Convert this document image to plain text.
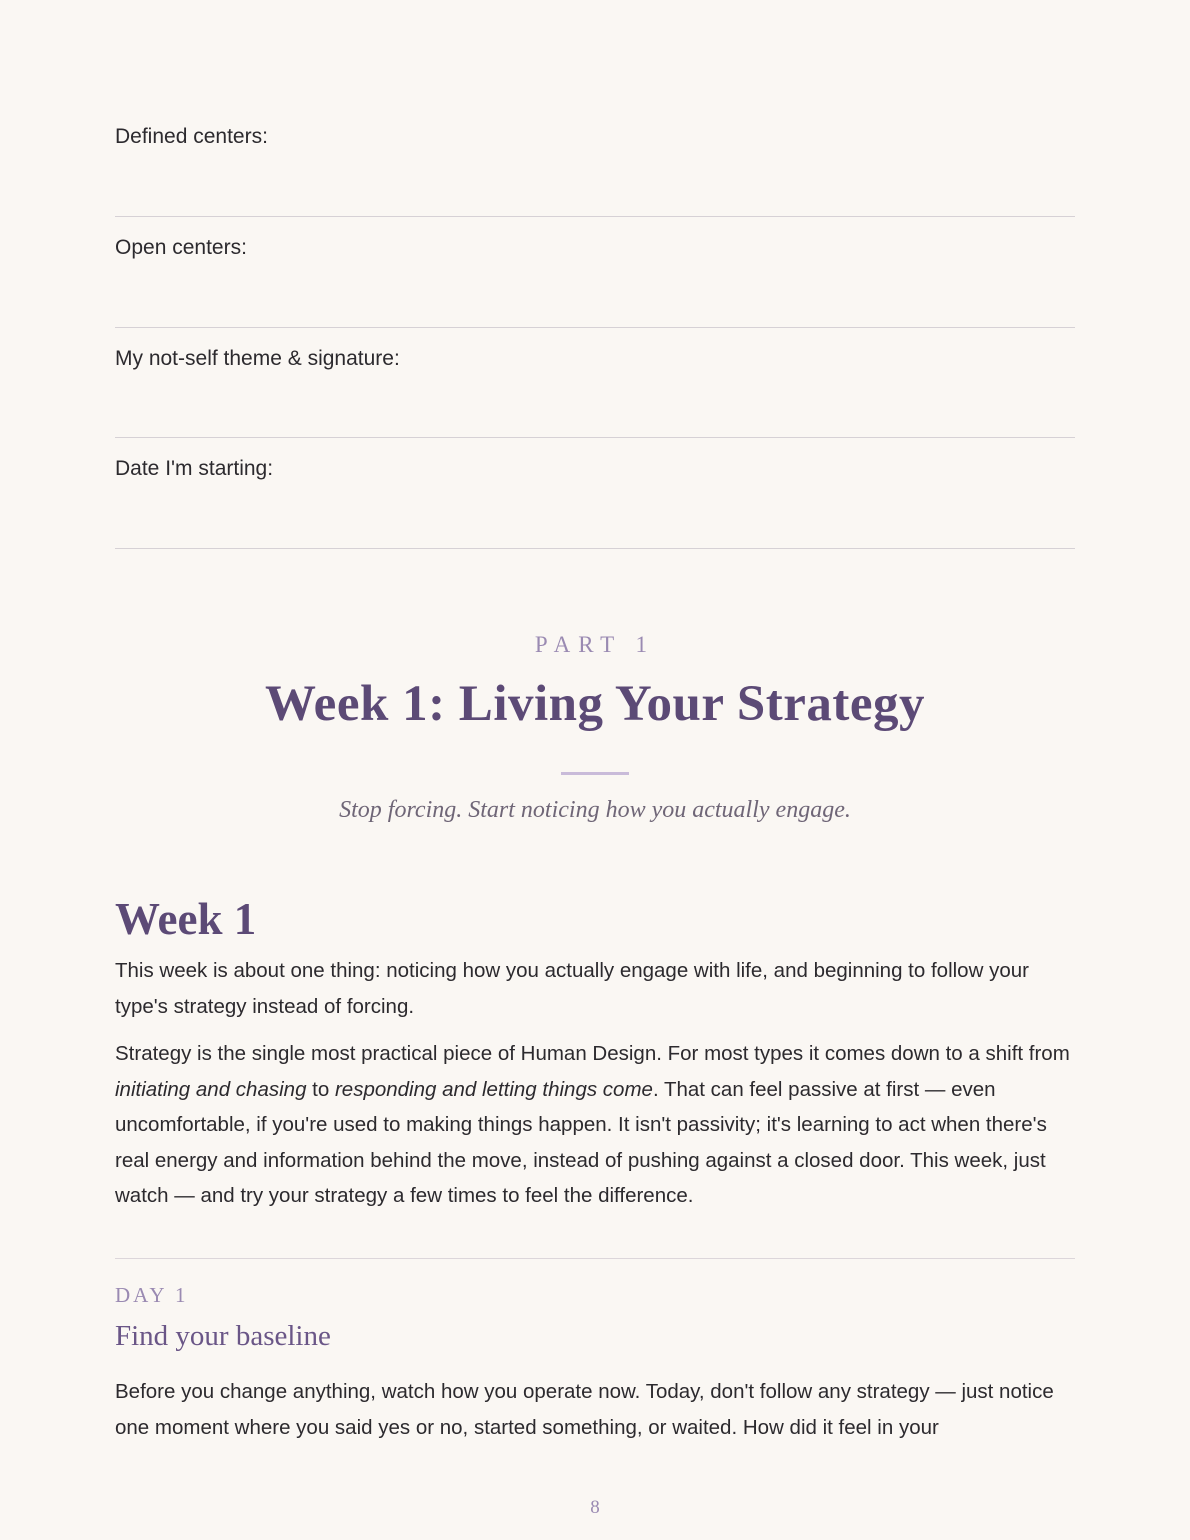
Defined centers:
Open centers:
My not-self theme & signature:
Date I'm starting:
PART 1
Week 1: Living Your Strategy
Stop forcing. Start noticing how you actually engage.
Week 1

This week is about one thing: noticing how you actually engage with life, and beginning to follow your type's strategy instead of forcing.

Strategy is the single most practical piece of Human Design. For most types it comes down to a shift from initiating and chasing to responding and letting things come. That can feel passive at first — even uncomfortable, if you're used to making things happen. It isn't passivity; it's learning to act when there's real energy and information behind the move, instead of pushing against a closed door. This week, just watch — and try your strategy a few times to feel the difference.

DAY 1
Find your baseline

Before you change anything, watch how you operate now. Today, don't follow any strategy — just notice one moment where you said yes or no, started something, or waited. How did it feel in your

8
